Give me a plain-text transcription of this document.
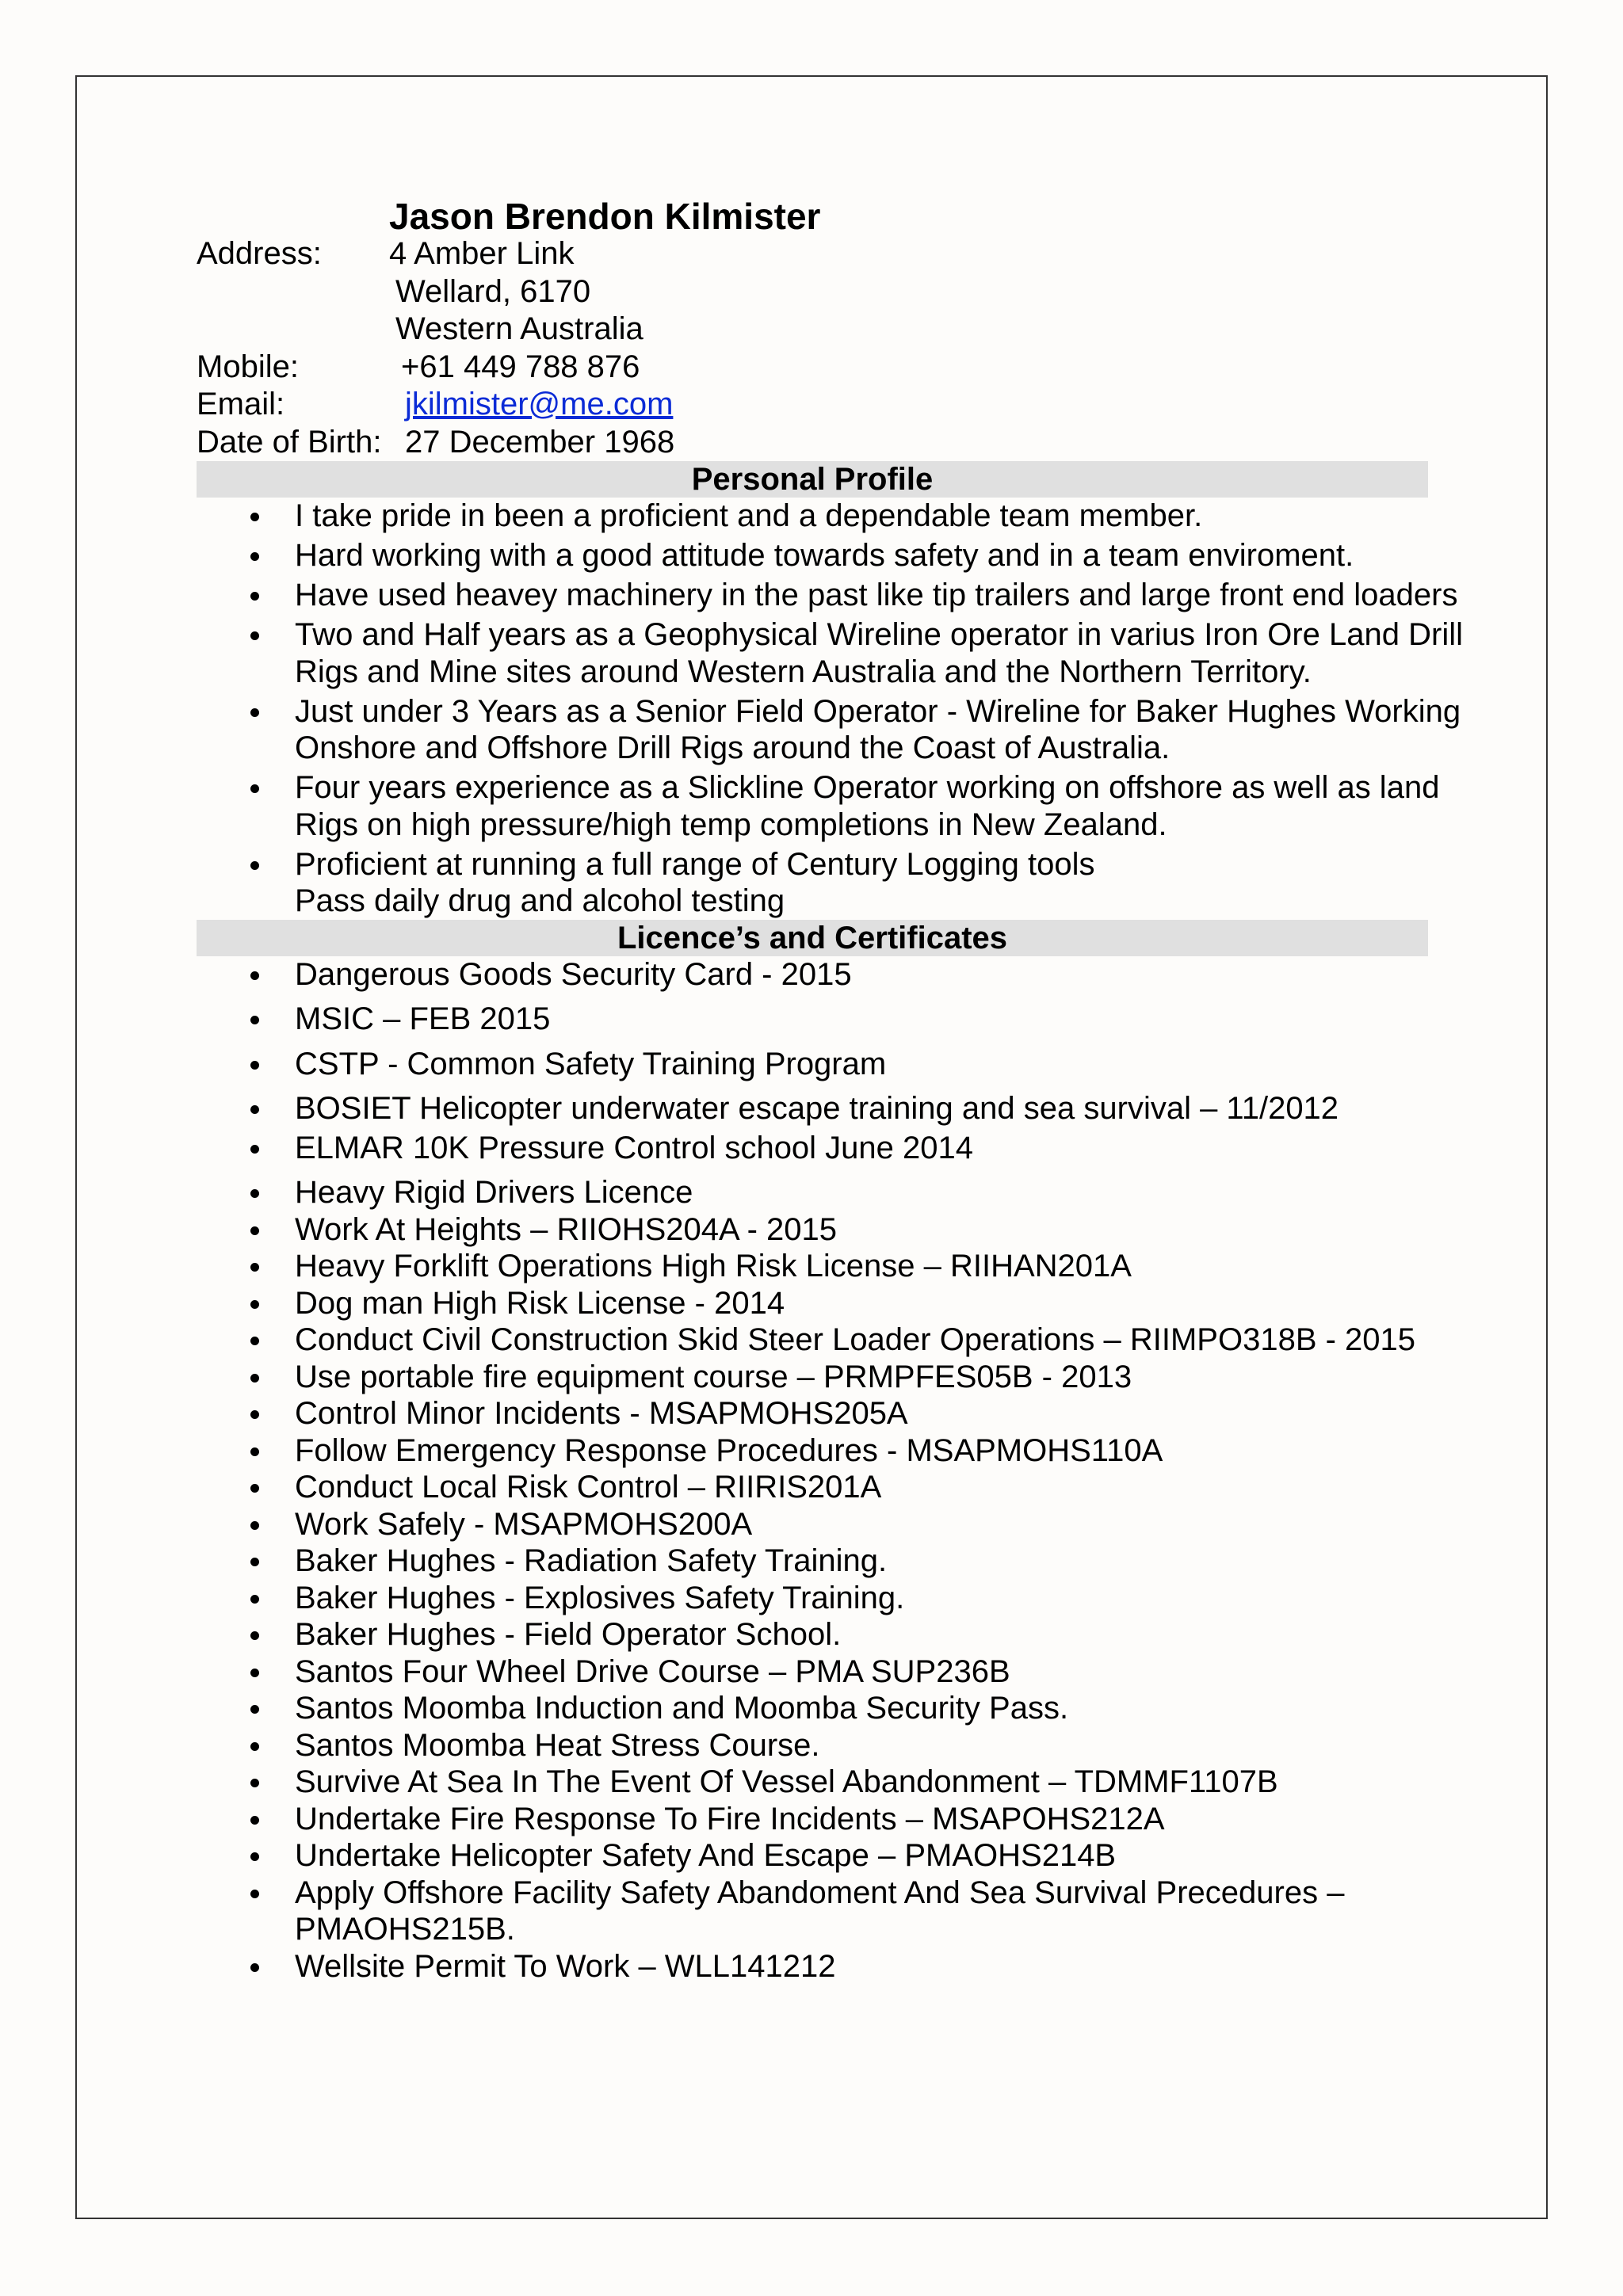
Jason Brendon Kilmister
Address: 4 Amber Link
Wellard, 6170
Western Australia
Mobile:	+61 449 788 876
Email:	jkilmister@me.com
Date of Birth: 27 December 1968
Personal Profile
I take pride in been a proficient and a dependable team member.
Hard working with a good attitude towards safety and in a team enviroment.
Have used heavey machinery in the past like tip trailers and large front end loaders
Two and Half years as a Geophysical Wireline operator in varius Iron Ore Land Drill
Rigs and Mine sites around Western Australia and the Northern Territory.
Just under 3 Years as a Senior Field Operator - Wireline for Baker Hughes Working
Onshore and Offshore Drill Rigs around the Coast of Australia.
Four years experience as a Slickline Operator working on offshore as well as land
Rigs on high pressure/high temp completions in New Zealand.
Proficient at running a full range of Century Logging tools
Pass daily drug and alcohol testing
Licence’s and Certificates
Dangerous Goods Security Card - 2015
MSIC – FEB 2015
CSTP - Common Safety Training Program
BOSIET Helicopter underwater escape training and sea survival – 11/2012
ELMAR 10K Pressure Control school June 2014
Heavy Rigid Drivers Licence
Work At Heights – RIIOHS204A - 2015
Heavy Forklift Operations High Risk License – RIIHAN201A
Dog man High Risk License - 2014
Conduct Civil Construction Skid Steer Loader Operations – RIIMPO318B - 2015
Use portable fire equipment course – PRMPFES05B - 2013
Control Minor Incidents - MSAPMOHS205A
Follow Emergency Response Procedures - MSAPMOHS110A
Conduct Local Risk Control – RIIRIS201A
Work Safely - MSAPMOHS200A
Baker Hughes - Radiation Safety Training.
Baker Hughes - Explosives Safety Training.
Baker Hughes - Field Operator School.
Santos Four Wheel Drive Course – PMA SUP236B
Santos Moomba Induction and Moomba Security Pass.
Santos Moomba Heat Stress Course.
Survive At Sea In The Event Of Vessel Abandonment – TDMMF1107B
Undertake Fire Response To Fire Incidents – MSAPOHS212A
Undertake Helicopter Safety And Escape – PMAOHS214B
Apply Offshore Facility Safety Abandoment And Sea Survival Precedures –
PMAOHS215B.
Wellsite Permit To Work – WLL141212
